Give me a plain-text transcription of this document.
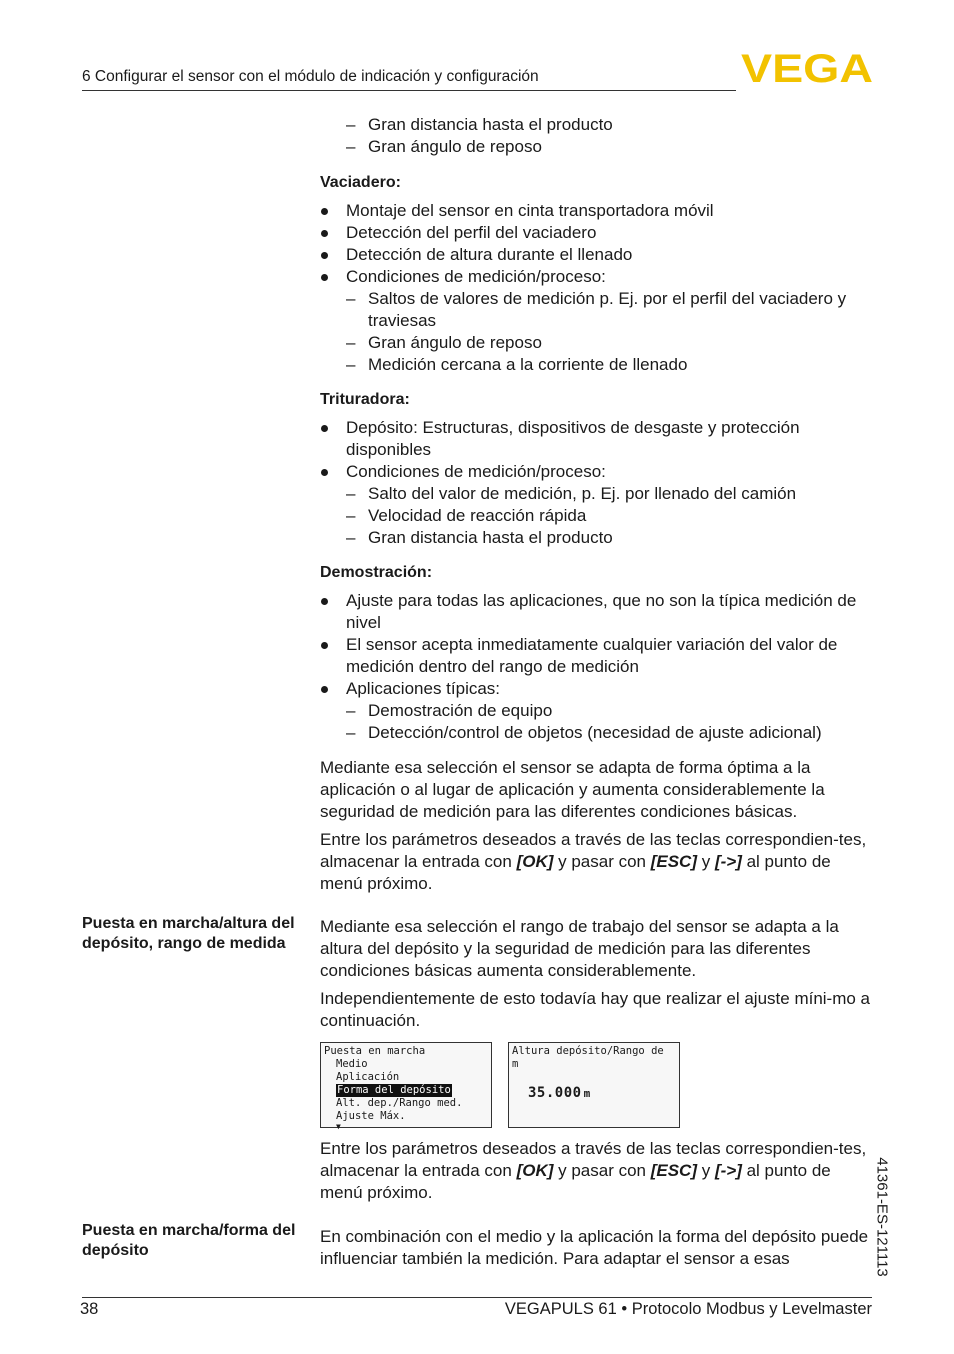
6 Configurar el sensor con el módulo de indicación y configuración	VEGA
– Gran distancia hasta el producto
– Gran ángulo de reposo
Vaciadero:
Montaje del sensor en cinta transportadora móvil
Detección del perfil del vaciadero
Detección de altura durante el llenado
Condiciones de medición/proceso:
– Saltos de valores de medición p. Ej. por el perfil del vaciadero y traviesas
– Gran ángulo de reposo
– Medición cercana a la corriente de llenado
Trituradora:
Depósito: Estructuras, dispositivos de desgaste y protección disponibles
Condiciones de medición/proceso:
– Salto del valor de medición, p. Ej. por llenado del camión
– Velocidad de reacción rápida
– Gran distancia hasta el producto
Demostración:
Ajuste para todas las aplicaciones, que no son la típica medición de nivel
El sensor acepta inmediatamente cualquier variación del valor de medición dentro del rango de medición
Aplicaciones típicas:
– Demostración de equipo
– Detección/control de objetos (necesidad de ajuste adicional)

Mediante esa selección el sensor se adapta de forma óptima a la aplicación o al lugar de aplicación y aumenta considerablemente la seguridad de medición para las diferentes condiciones básicas.

Entre los parámetros deseados a través de las teclas correspondien-tes, almacenar la entrada con [OK] y pasar con [ESC] y [->] al punto de menú próximo.

Mediante esa selección el rango de trabajo del sensor se adapta a la altura del depósito y la seguridad de medición para las diferentes condiciones básicas aumenta considerablemente.

Independientemente de esto todavía hay que realizar el ajuste míni-mo a continuación.

Puesta en marcha
Medio
Aplicación
Forma del depósito
Alt. dep./Rango med.
Ajuste Máx.
▼
Altura depósito/Rango de m
35.000 m

Entre los parámetros deseados a través de las teclas correspondien-tes, almacenar la entrada con [OK] y pasar con [ESC] y [->] al punto de menú próximo.

En combinación con el medio y la aplicación la forma del depósito puede influenciar también la medición. Para adaptar el sensor a esas

Puesta en marcha/altura del depósito, rango de medida
Puesta en marcha/forma del depósito	41361-ES-121113
38	VEGAPULS 61 • Protocolo Modbus y Levelmaster
